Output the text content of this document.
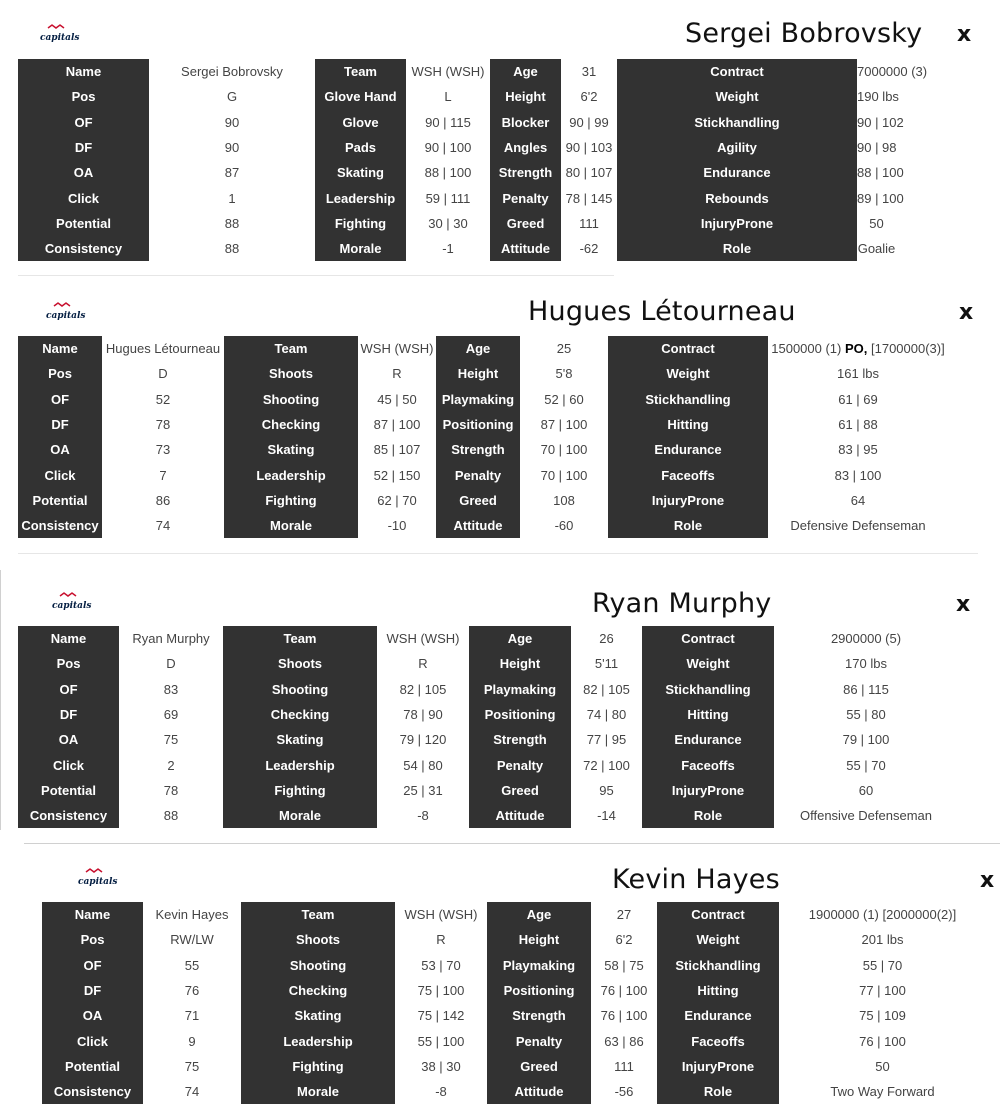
capitals	Sergei Bobrovsky x
Name	Sergei Bobrovsky	Team	WSH (WSH)	Age	31	Contract	7000000 (3)
Pos	G	Glove Hand	L	Height	6'2	Weight	190 lbs
OF	90	Glove	90 | 115	Blocker	90 | 99	Stickhandling	90 | 102
DF	90	Pads	90 | 100	Angles	90 | 103	Agility	90 | 98
OA	87	Skating	88 | 100	Strength	80 | 107	Endurance	88 | 100
Click	1	Leadership	59 | 111	Penalty	78 | 145	Rebounds	89 | 100
Potential	88	Fighting	30 | 30	Greed	111	InjuryProne	50
Consistency	88	Morale	-1	Attitude	-62	Role	Goalie
capitals	Hugues Létourneau	x
Name	Hugues Létourneau	Team	WSH (WSH)	Age	25	Contract	1500000 (1) PO, [1700000(3)]
Pos	D	Shoots	R	Height	5'8	Weight	161 lbs
OF	52	Shooting	45 | 50	Playmaking	52 | 60	Stickhandling	61 | 69
DF	78	Checking	87 | 100	Positioning	87 | 100	Hitting	61 | 88
OA	73	Skating	85 | 107	Strength	70 | 100	Endurance	83 | 95
Click	7	Leadership	52 | 150	Penalty	70 | 100	Faceoffs	83 | 100
Potential	86	Fighting	62 | 70	Greed	108	InjuryProne	64
Consistency	74	Morale	-10	Attitude	-60	Role	Defensive Defenseman
capitals	Ryan Murphy	x
Name	Ryan Murphy	Team	WSH (WSH)	Age	26	Contract	2900000 (5)
Pos	D	Shoots	R	Height	5'11	Weight	170 lbs
OF	83	Shooting	82 | 105	Playmaking	82 | 105	Stickhandling	86 | 115
DF	69	Checking	78 | 90	Positioning	74 | 80	Hitting	55 | 80
OA	75	Skating	79 | 120	Strength	77 | 95	Endurance	79 | 100
Click	2	Leadership	54 | 80	Penalty	72 | 100	Faceoffs	55 | 70
Potential	78	Fighting	25 | 31	Greed	95	InjuryProne	60
Consistency	88	Morale	-8	Attitude	-14	Role	Offensive Defenseman
capitals	Kevin Hayes	x
Name	Kevin Hayes	Team	WSH (WSH)	Age	27	Contract	1900000 (1) [2000000(2)]
Pos	RW/LW	Shoots	R	Height	6'2	Weight	201 lbs
OF	55	Shooting	53 | 70	Playmaking	58 | 75	Stickhandling	55 | 70
DF	76	Checking	75 | 100	Positioning	76 | 100	Hitting	77 | 100
OA	71	Skating	75 | 142	Strength	76 | 100	Endurance	75 | 109
Click	9	Leadership	55 | 100	Penalty	63 | 86	Faceoffs	76 | 100
Potential	75	Fighting	38 | 30	Greed	111	InjuryProne	50
Consistency	74	Morale	-8	Attitude	-56	Role	Two Way Forward
